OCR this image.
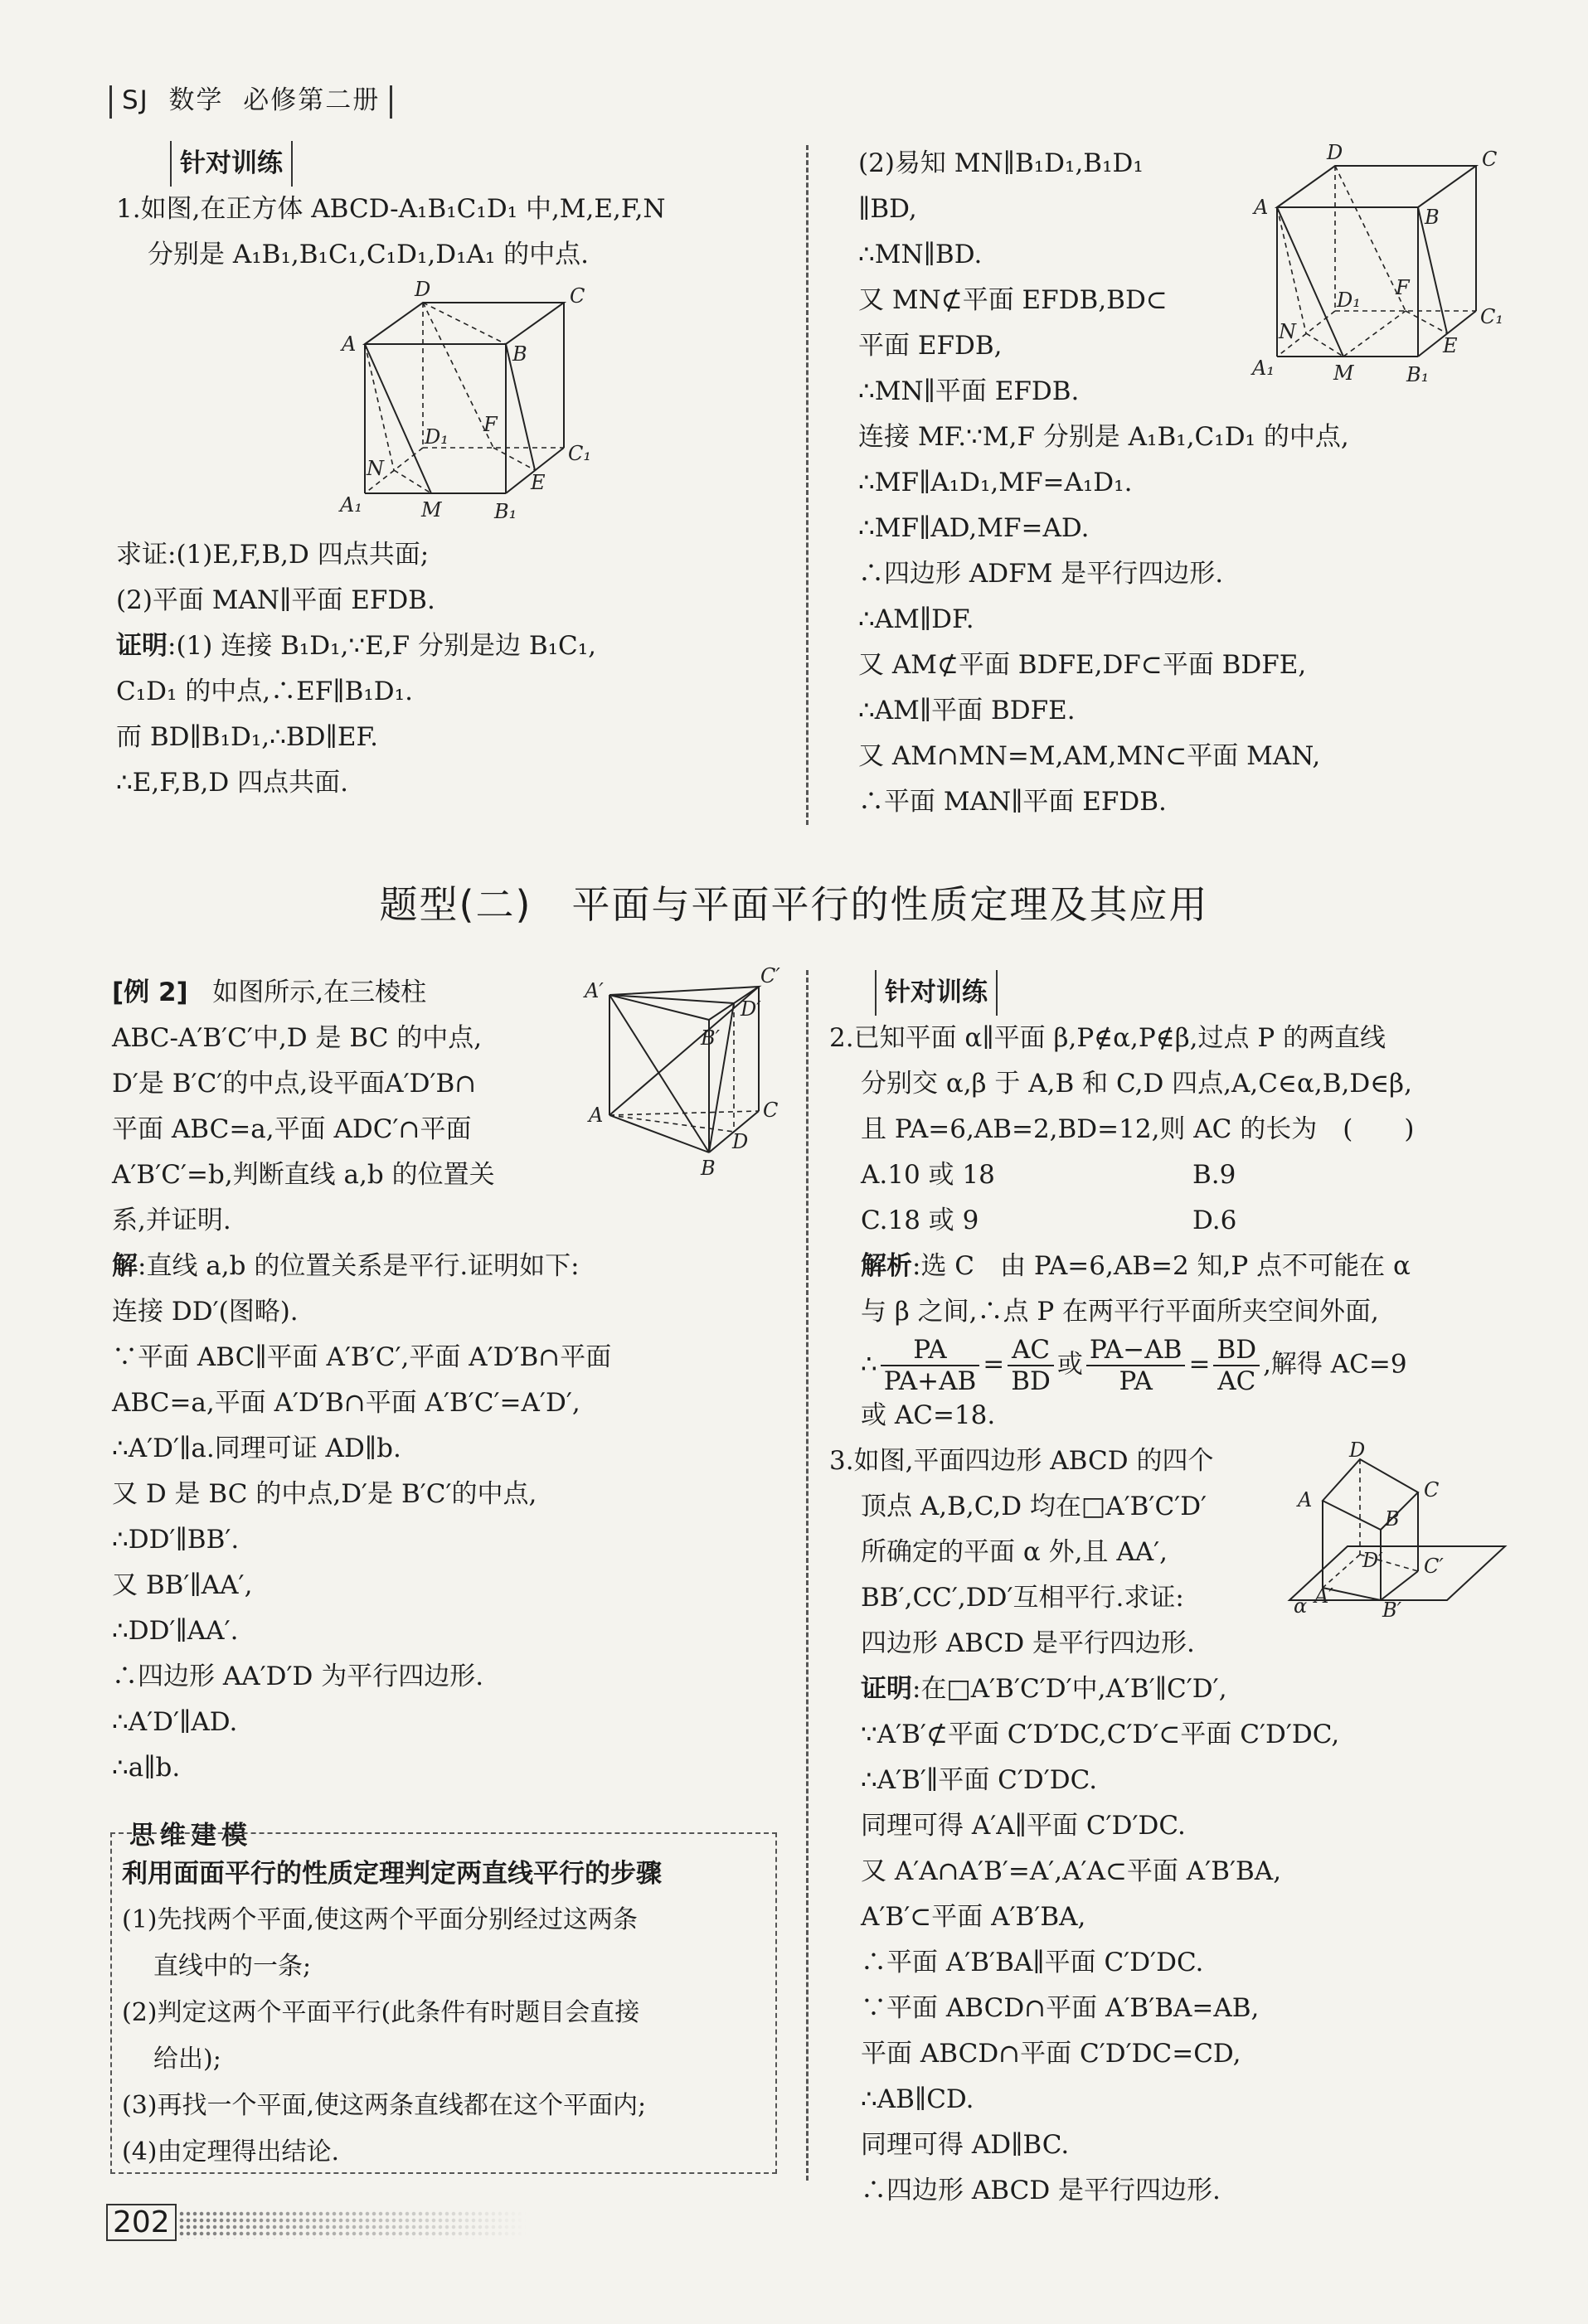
SJ 数学 必修第二册

针对训练

1.如图,在正方体 ABCD-A₁B₁C₁D₁ 中,M,E,F,N

分别是 A₁B₁,B₁C₁,C₁D₁,D₁A₁ 的中点.

D	C
A	B
D₁
F
C₁
N
E
A₁	M	B₁

求证:(1)E,F,B,D 四点共面;

(2)平面 MAN∥平面 EFDB.

证明:(1) 连接 B₁D₁,∵E,F 分别是边 B₁C₁,

C₁D₁ 的中点,∴EF∥B₁D₁.

而 BD∥B₁D₁,∴BD∥EF.

∴E,F,B,D 四点共面.

(2)易知 MN∥B₁D₁,B₁D₁

∥BD,

∴MN∥BD.

又 MN⊄平面 EFDB,BD⊂

平面 EFDB,

∴MN∥平面 EFDB.

连接 MF.∵M,F 分别是 A₁B₁,C₁D₁ 的中点,

∴MF∥A₁D₁,MF=A₁D₁.

∴MF∥AD,MF=AD.

∴四边形 ADFM 是平行四边形.

∴AM∥DF.

又 AM⊄平面 BDFE,DF⊂平面 BDFE,

∴AM∥平面 BDFE.

又 AM∩MN=M,AM,MN⊂平面 MAN,

∴平面 MAN∥平面 EFDB.

D	C
A	B
D₁
F
C₁
N
E
A₁	M	B₁
题型(二)　平面与平面平行的性质定理及其应用

[例 2] 如图所示,在三棱柱

ABC-A′B′C′中,D 是 BC 的中点,

D′是 B′C′的中点,设平面A′D′B∩

平面 ABC=a,平面 ADC′∩平面

A′B′C′=b,判断直线 a,b 的位置关

系,并证明.

解:直线 a,b 的位置关系是平行.证明如下:

连接 DD′(图略).

∵平面 ABC∥平面 A′B′C′,平面 A′D′B∩平面

ABC=a,平面 A′D′B∩平面 A′B′C′=A′D′,

∴A′D′∥a.同理可证 AD∥b.

又 D 是 BC 的中点,D′是 B′C′的中点,

∴DD′∥BB′.

又 BB′∥AA′,

∴DD′∥AA′.

∴四边形 AA′D′D 为平行四边形.

∴A′D′∥AD.

∴a∥b.

A′
C′
D′
B′
A	C
D
B
思维建模

利用面面平行的性质定理判定两直线平行的步骤

(1)先找两个平面,使这两个平面分别经过这两条

直线中的一条;

(2)判定这两个平面平行(此条件有时题目会直接

给出);

(3)再找一个平面,使这两条直线都在这个平面内;

(4)由定理得出结论.

针对训练

2.已知平面 α∥平面 β,P∉α,P∉β,过点 P 的两直线

分别交 α,β 于 A,B 和 C,D 四点,A,C∈α,B,D∈β,

且 PA=6,AB=2,BD=12,则 AC 的长为　(　　)

A.10 或 18	B.9

C.18 或 9	D.6

解析:选 C　由 PA=6,AB=2 知,P 点不可能在 α

与 β 之间,∴点 P 在两平行平面所夹空间外面,

∴ $\frac{PA}{PA+AB} = \frac{AC}{BD}$ 或 $\frac{PA-AB}{PA} = \frac{BD}{AC}$ ,解得 AC=9

或 AC=18.

3.如图,平面四边形 ABCD 的四个

顶点 A,B,C,D 均在□A′B′C′D′

所确定的平面 α 外,且 AA′,

BB′,CC′,DD′互相平行.求证:

四边形 ABCD 是平行四边形.

证明:在□A′B′C′D′中,A′B′∥C′D′,

∵A′B′⊄平面 C′D′DC,C′D′⊂平面 C′D′DC,

∴A′B′∥平面 C′D′DC.

同理可得 A′A∥平面 C′D′DC.

又 A′A∩A′B′=A′,A′A⊂平面 A′B′BA,

A′B′⊂平面 A′B′BA,

∴平面 A′B′BA∥平面 C′D′DC.

∵平面 ABCD∩平面 A′B′BA=AB,

平面 ABCD∩平面 C′D′DC=CD,

∴AB∥CD.

同理可得 AD∥BC.

∴四边形 ABCD 是平行四边形.

D
A	C
B
D′ C′
A′
B′
α
202
